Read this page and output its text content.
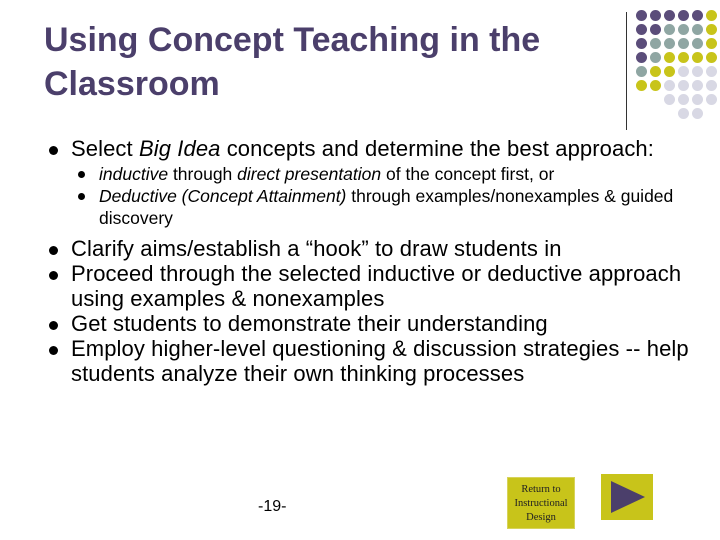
Using Concept Teaching in the
Classroom
Select Big Idea concepts and determine the best approach:
inductive through direct presentation of the concept first, or
Deductive (Concept Attainment) through examples/nonexamples & guided discovery
Clarify aims/establish a “hook” to draw students in
Proceed through the selected inductive or deductive approach using examples & nonexamples
Get students to demonstrate their understanding
Employ higher-level questioning & discussion strategies -- help students analyze their own thinking processes
-19-
Return to Instructional Design
